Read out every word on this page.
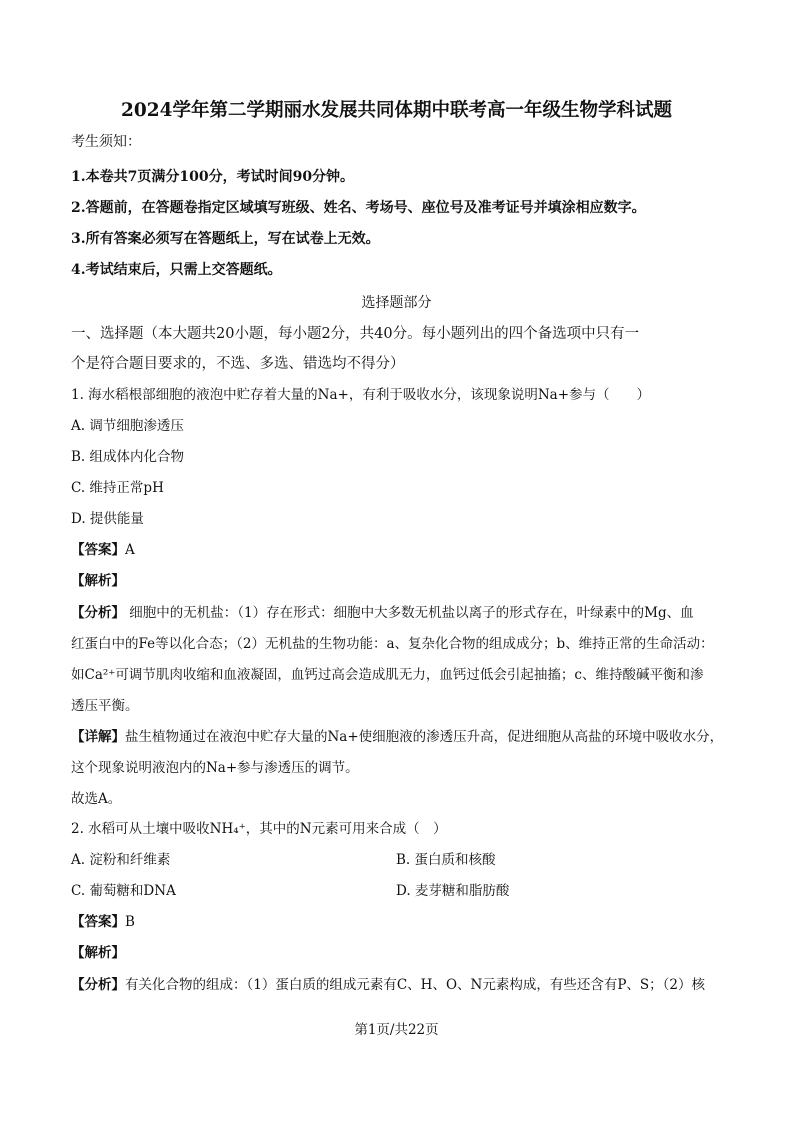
2024学年第二学期丽水发展共同体期中联考高一年级生物学科试题
考生须知：
1.本卷共7页满分100分，考试时间90分钟。
2.答题前，在答题卷指定区域填写班级、姓名、考场号、座位号及准考证号并填涂相应数字。
3.所有答案必须写在答题纸上，写在试卷上无效。
4.考试结束后，只需上交答题纸。
选择题部分
一、选择题（本大题共20小题，每小题2分，共40分。每小题列出的四个备选项中只有一
个是符合题目要求的，不选、多选、错选均不得分）
1. 海水稻根部细胞的液泡中贮存着大量的Na+，有利于吸收水分，该现象说明Na+参与（　　）
A. 调节细胞渗透压
B. 组成体内化合物
C. 维持正常pH
D. 提供能量
【答案】A
【解析】
【分析】 细胞中的无机盐：（1）存在形式：细胞中大多数无机盐以离子的形式存在，叶绿素中的Mg、血
红蛋白中的Fe等以化合态；（2）无机盐的生物功能：a、复杂化合物的组成成分；b、维持正常的生命活动：
如Ca²⁺可调节肌肉收缩和血液凝固，血钙过高会造成肌无力，血钙过低会引起抽搐；c、维持酸碱平衡和渗
透压平衡。
【详解】盐生植物通过在液泡中贮存大量的Na+使细胞液的渗透压升高，促进细胞从高盐的环境中吸收水分，
这个现象说明液泡内的Na+参与渗透压的调节。
故选A。
2. 水稻可从土壤中吸收NH₄⁺，其中的N元素可用来合成（　）
A. 淀粉和纤维素	B. 蛋白质和核酸
C. 葡萄糖和DNA	D. 麦芽糖和脂肪酸
【答案】B
【解析】
【分析】有关化合物的组成：（1）蛋白质的组成元素有C、H、O、N元素构成，有些还含有P、S；（2）核
第1页/共22页
